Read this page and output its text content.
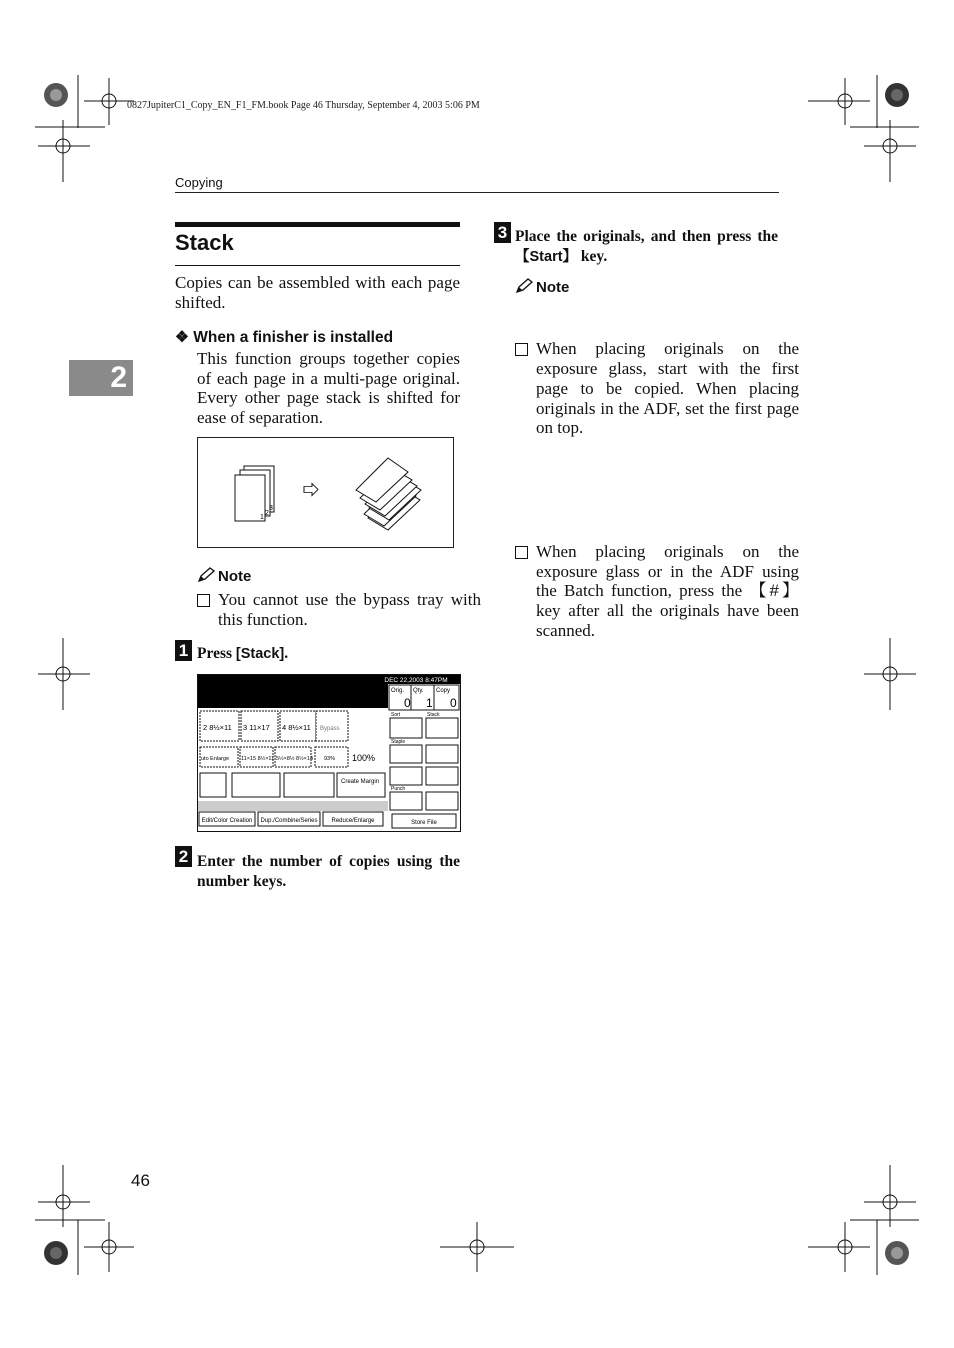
0827JupiterC1_Copy_EN_F1_FM.book Page 46 Thursday, September 4, 2003 5:06 PM
Copying
2
Stack
Copies can be assembled with each page shifted.
❖ When a finisher is installed
This function groups together copies of each page in a multi-page original. Every other page stack is shifted for ease of separation.
3
2
1
Note
You cannot use the bypass tray with this function.
1 Press [Stack].
DEC 22,2003 8:47PM
Orig. Qty. Copy
0 1 0
2 8½×11 3 11×17 4 8½×11 Bypass
uto Enlarge 11×15 8½×11 5½×8½ 8½×14 93% 100%
Create Margin
Sort	Stack
Staple
Punch
Edit/Color Creation Dup./Combine/Series Reduce/Enlarge	Store File
2 Enter the number of copies using the number keys.
3 Place the originals, and then press the 【Start】 key.
Note
When placing originals on the exposure glass, start with the first page to be copied. When placing originals in the ADF, set the first page on top.
When placing originals on the exposure glass or in the ADF using the Batch function, press the 【#】 key after all the originals have been scanned.
46
